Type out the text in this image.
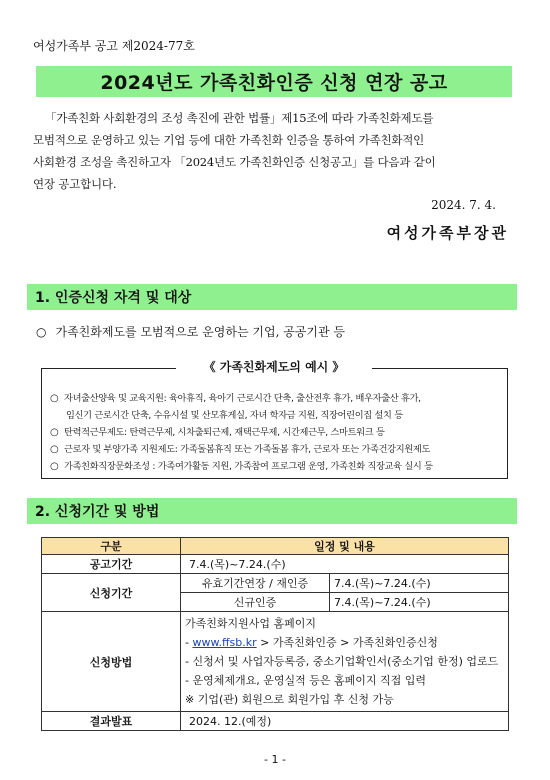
여성가족부 공고 제2024-77호
2024년도 가족친화인증 신청 연장 공고
「가족친화 사회환경의 조성 촉진에 관한 법률」제15조에 따라 가족친화제도를
모범적으로 운영하고 있는 기업 등에 대한 가족친화 인증을 통하여 가족친화적인
사회환경 조성을 촉진하고자 「2024년도 가족친화인증 신청공고」를 다음과 같이
연장 공고합니다.
2024. 7. 4.
여성가족부장관
1. 인증신청 자격 및 대상
○ 가족친화제도를 모범적으로 운영하는 기업, 공공기관 등
《 가족친화제도의 예시 》
○ 자녀출산양육 및 교육지원: 육아휴직, 육아기 근로시간 단축, 출산전후 휴가, 배우자출산 휴가,
임신기 근로시간 단축, 수유시설 및 산모휴게실, 자녀 학자금 지원, 직장어린이집 설치 등
○ 탄력적근무제도: 탄력근무제, 시차출퇴근제, 재택근무제, 시간제근무, 스마트워크 등
○ 근로자 및 부양가족 지원제도: 가족돌봄휴직 또는 가족돌봄 휴가, 근로자 또는 가족건강지원제도
○ 가족친화직장문화조성 : 가족여가활동 지원, 가족참여 프로그램 운영, 가족친화 직장교육 실시 등
2. 신청기간 및 방법
구분	일정 및 내용	
공고기간	7.4.(목)~7.24.(수)	
신청기간	유효기간연장 / 재인증	7.4.(목)~7.24.(수)
	신규인증	7.4.(목)~7.24.(수)
신청방법	가족친화지원사업 홈페이지
- www.ffsb.kr > 가족친화인증 > 가족친화인증신청
- 신청서 및 사업자등록증, 중소기업확인서(중소기업 한정) 업로드
- 운영체제개요, 운영실적 등은 홈페이지 직접 입력
※ 기업(관) 회원으로 회원가입 후 신청 가능	

결과발표	2024. 12.(예정)	
- 1 -
